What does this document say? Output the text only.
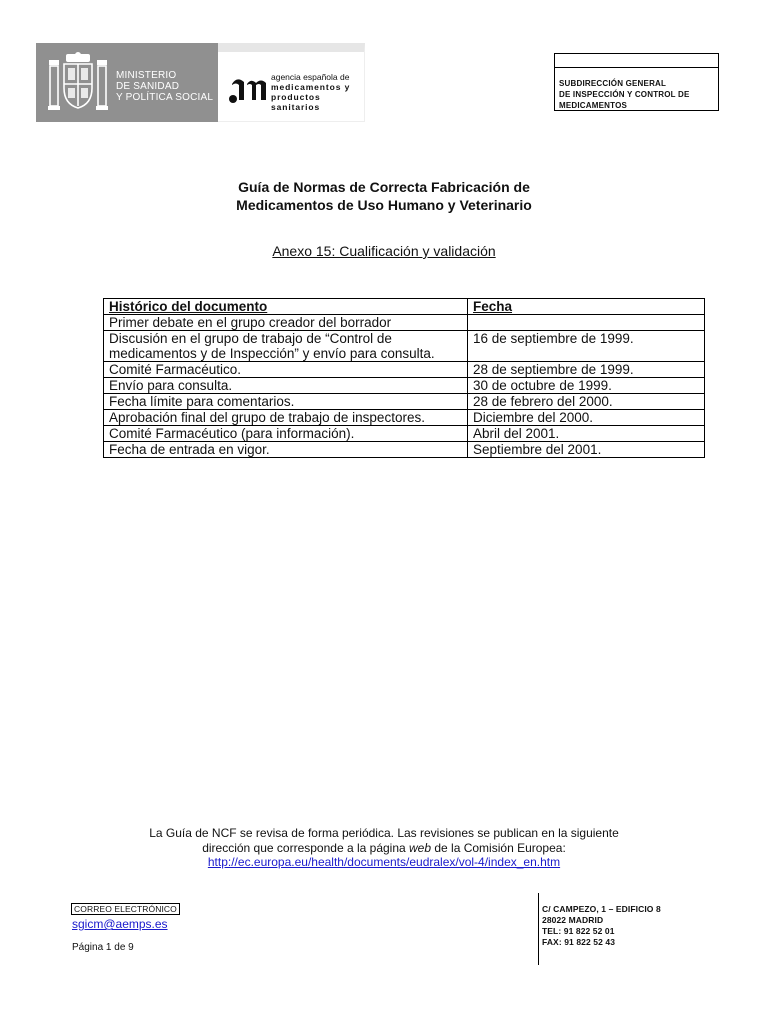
MINISTERIO
DE SANIDAD
Y POLÍTICA SOCIAL
agencia española de
medicamentos y
productos sanitarios
SUBDIRECCIÓN GENERAL
DE INSPECCIÓN Y CONTROL DE
MEDICAMENTOS
Guía de Normas de Correcta Fabricación de
Medicamentos de Uso Humano y Veterinario
Anexo 15: Cualificación y validación
Histórico del documento	Fecha
Primer debate en el grupo creador del borrador	
Discusión en el grupo de trabajo de “Control de medicamentos y de Inspección” y envío para consulta.	16 de septiembre de 1999.
Comité Farmacéutico.	28 de septiembre de 1999.
Envío para consulta.	30 de octubre de 1999.
Fecha límite para comentarios.	28 de febrero del 2000.
Aprobación final del grupo de trabajo de inspectores.	Diciembre del 2000.
Comité Farmacéutico (para información).	Abril del 2001.
Fecha de entrada en vigor.	Septiembre del 2001.
La Guía de NCF se revisa de forma periódica. Las revisiones se publican en la siguiente
dirección que corresponde a la página web de la Comisión Europea:
http://ec.europa.eu/health/documents/eudralex/vol-4/index_en.htm
CORREO ELECTRÓNICO
sgicm@aemps.es
Página 1 de 9
C/ CAMPEZO, 1 – EDIFICIO 8
28022 MADRID
TEL: 91 822 52 01
FAX: 91 822 52 43
